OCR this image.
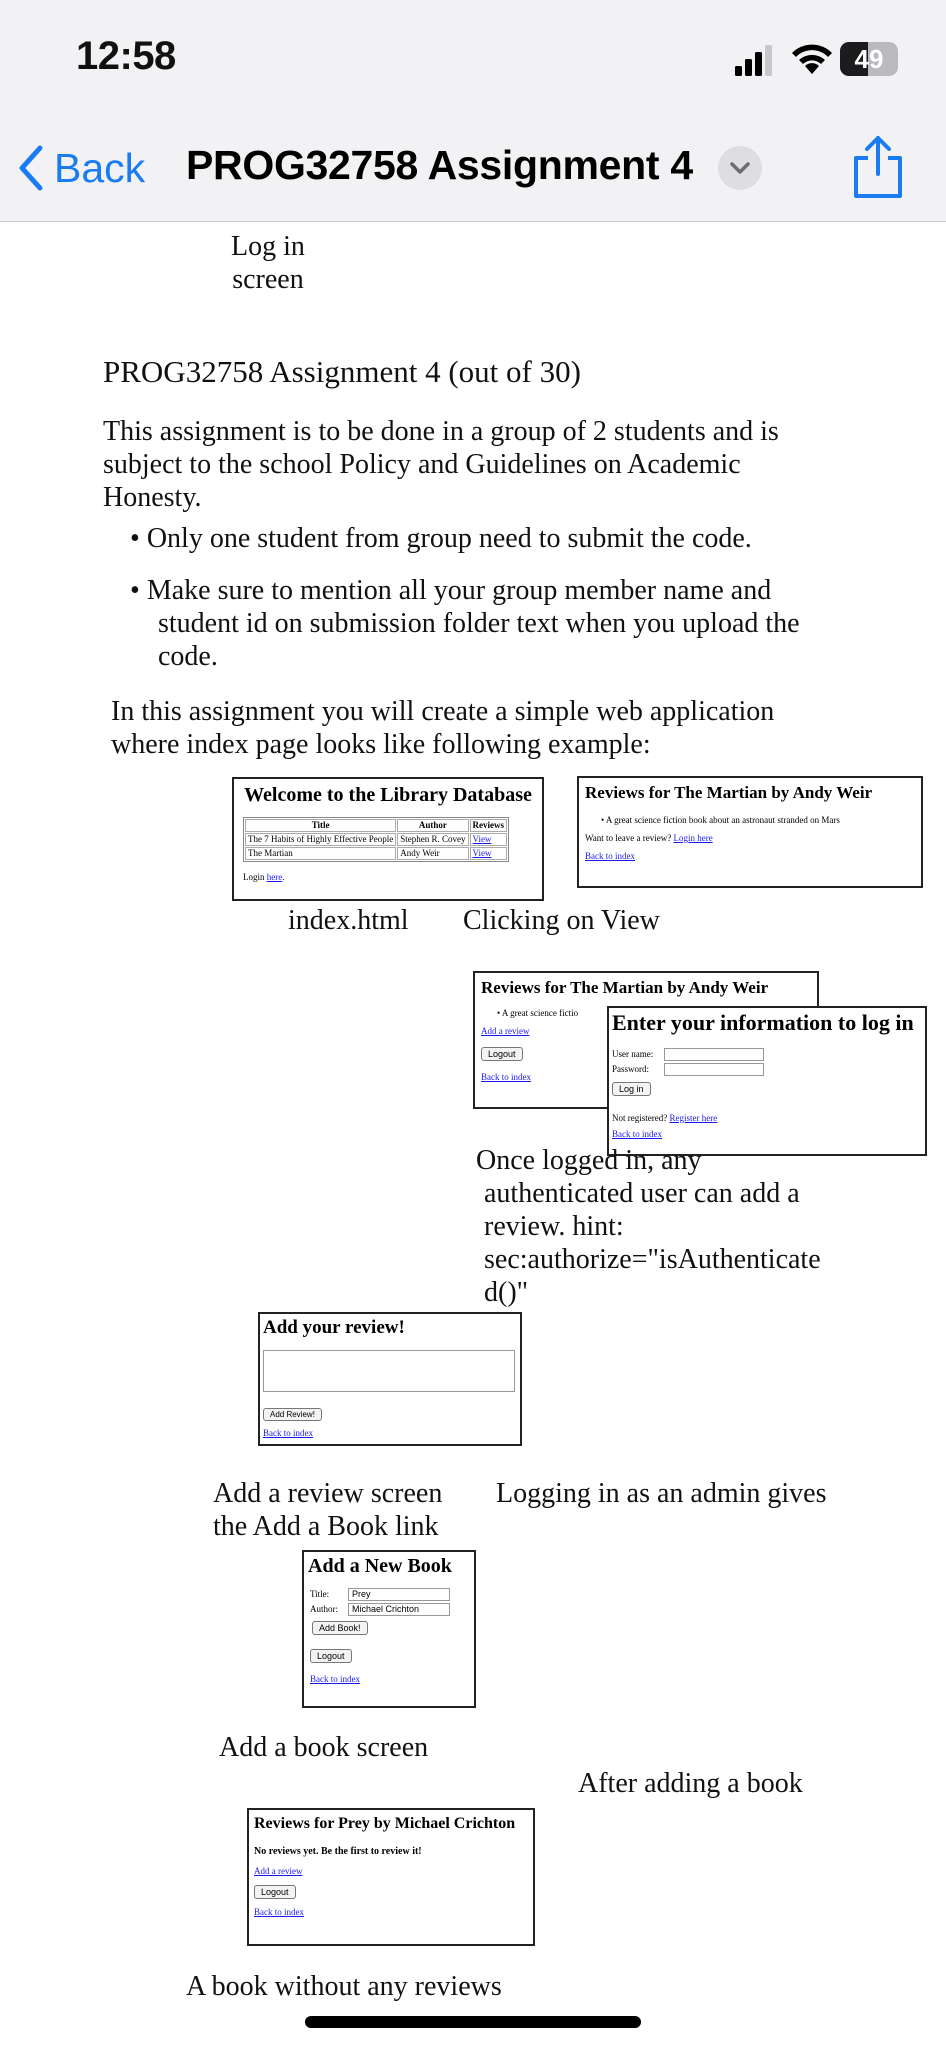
12:58	49
Back PROG32758 Assignment 4
Log in
screen
PROG32758 Assignment 4 (out of 30)
This assignment is to be done in a group of 2 students and is
subject to the school Policy and Guidelines on Academic
Honesty.
• Only one student from group need to submit the code.
• Make sure to mention all your group member name and
student id on submission folder text when you upload the
code.
In this assignment you will create a simple web application
where index page looks like following example:
Welcome to the Library Database
Title	Author	Reviews
The 7 Habits of Highly Effective People	Stephen R. Covey	View
The Martian	Andy Weir	View
Login here.
Reviews for The Martian by Andy Weir
• A great science fiction book about an astronaut stranded on Mars
Want to leave a review? Login here
Back to index
index.html Clicking on View
Reviews for The Martian by Andy Weir
• A great science fictio
Add a review
Logout
Back to index
Enter your information to log in
User name:
Password:
Log in
Not registered? Register here
Back to index
Once logged in, any
authenticated user can add a
review. hint:
sec:authorize="isAuthenticate
d()"
Add your review!
Add Review!
Back to index
Add a review screen
the Add a Book link
Logging in as an admin gives
Add a New Book
Title:	Prey
Author: Michael Crichton
Add Book!
Logout
Back to index
Add a book screen
After adding a book
Reviews for Prey by Michael Crichton
No reviews yet. Be the first to review it!
Add a review
Logout
Back to index
A book without any reviews
